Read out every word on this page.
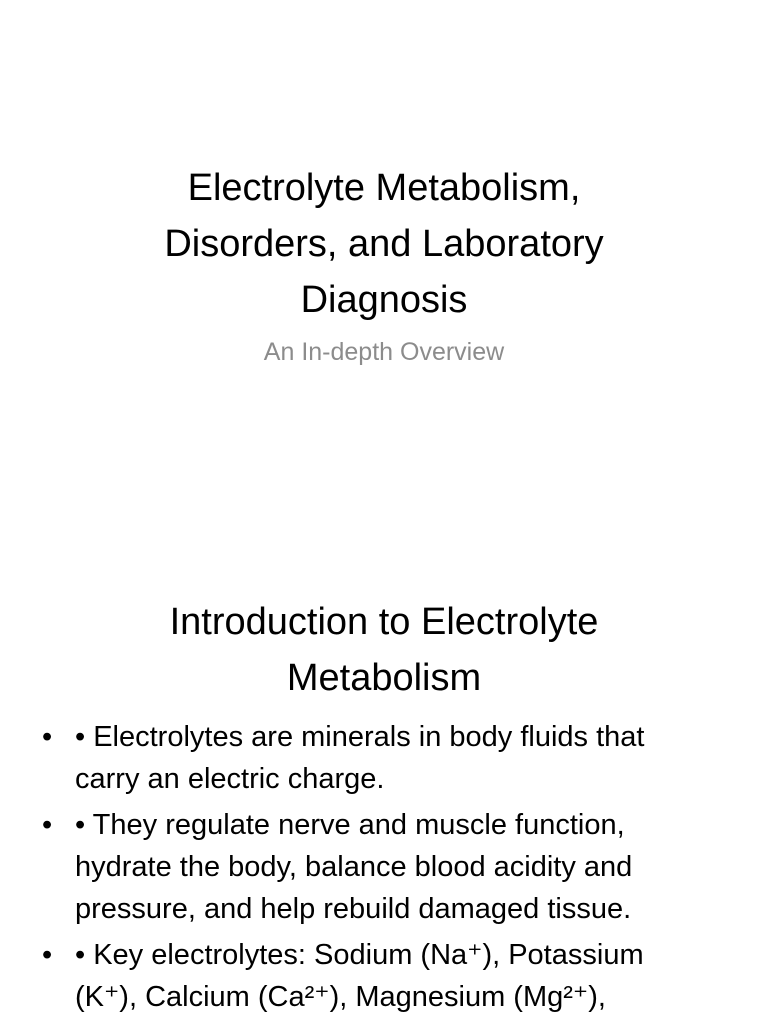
Electrolyte Metabolism, Disorders, and Laboratory Diagnosis

An In-depth Overview

Introduction to Electrolyte Metabolism
• • Electrolytes are minerals in body fluids that carry an electric charge.
• • They regulate nerve and muscle function, hydrate the body, balance blood acidity and pressure, and help rebuild damaged tissue.
• • Key electrolytes: Sodium (Na⁺), Potassium (K⁺), Calcium (Ca²⁺), Magnesium (Mg²⁺),
